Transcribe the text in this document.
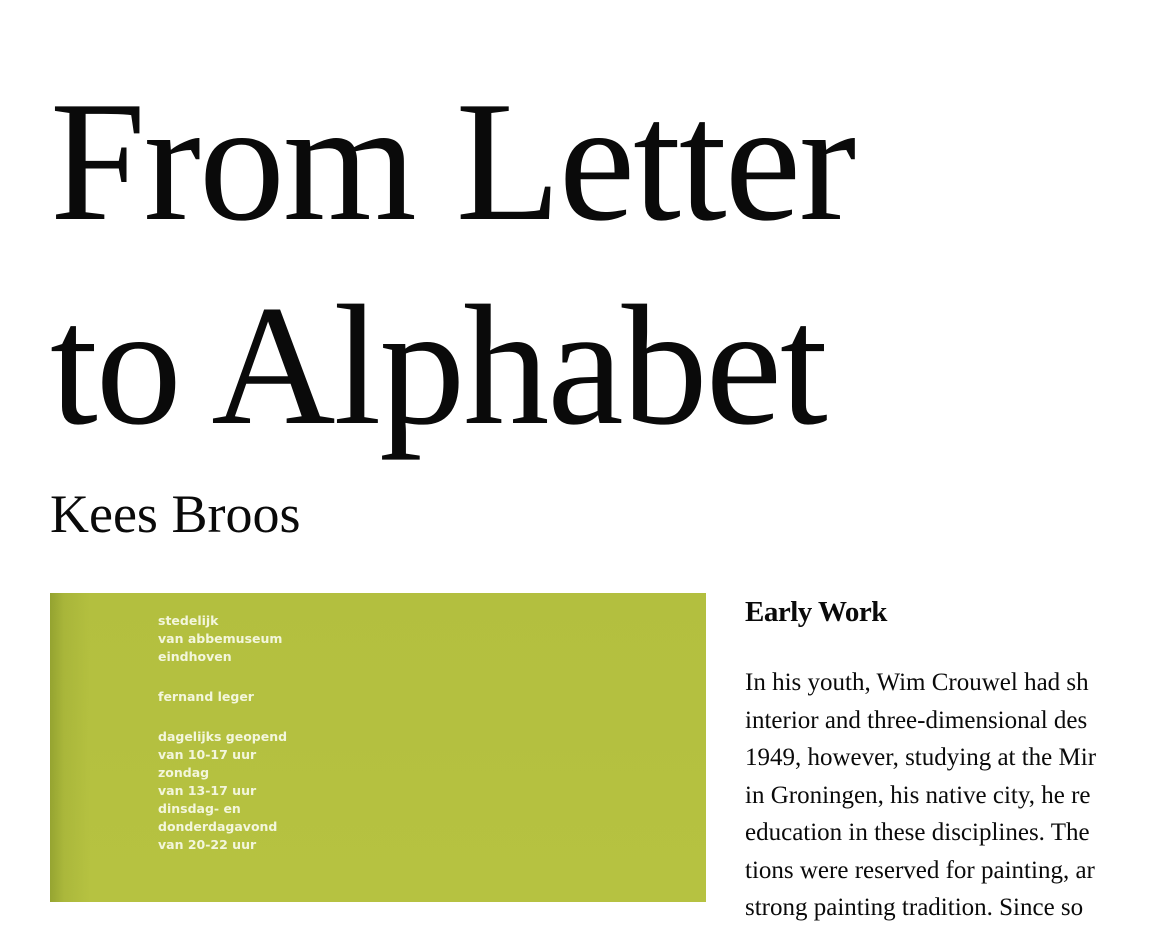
From Letter
to Alphabet
Kees Broos
stedelijk
van abbemuseum
eindhoven
fernand leger
dagelijks geopend
van 10-17 uur
zondag
van 13-17 uur
dinsdag- en
donderdagavond
van 20-22 uur
Early Work

In his youth, Wim Crouwel had sh
interior and three-dimensional des
1949, however, studying at the Mir
in Groningen, his native city, he re
education in these disciplines. The
tions were reserved for painting, ar
strong painting tradition. Since so
